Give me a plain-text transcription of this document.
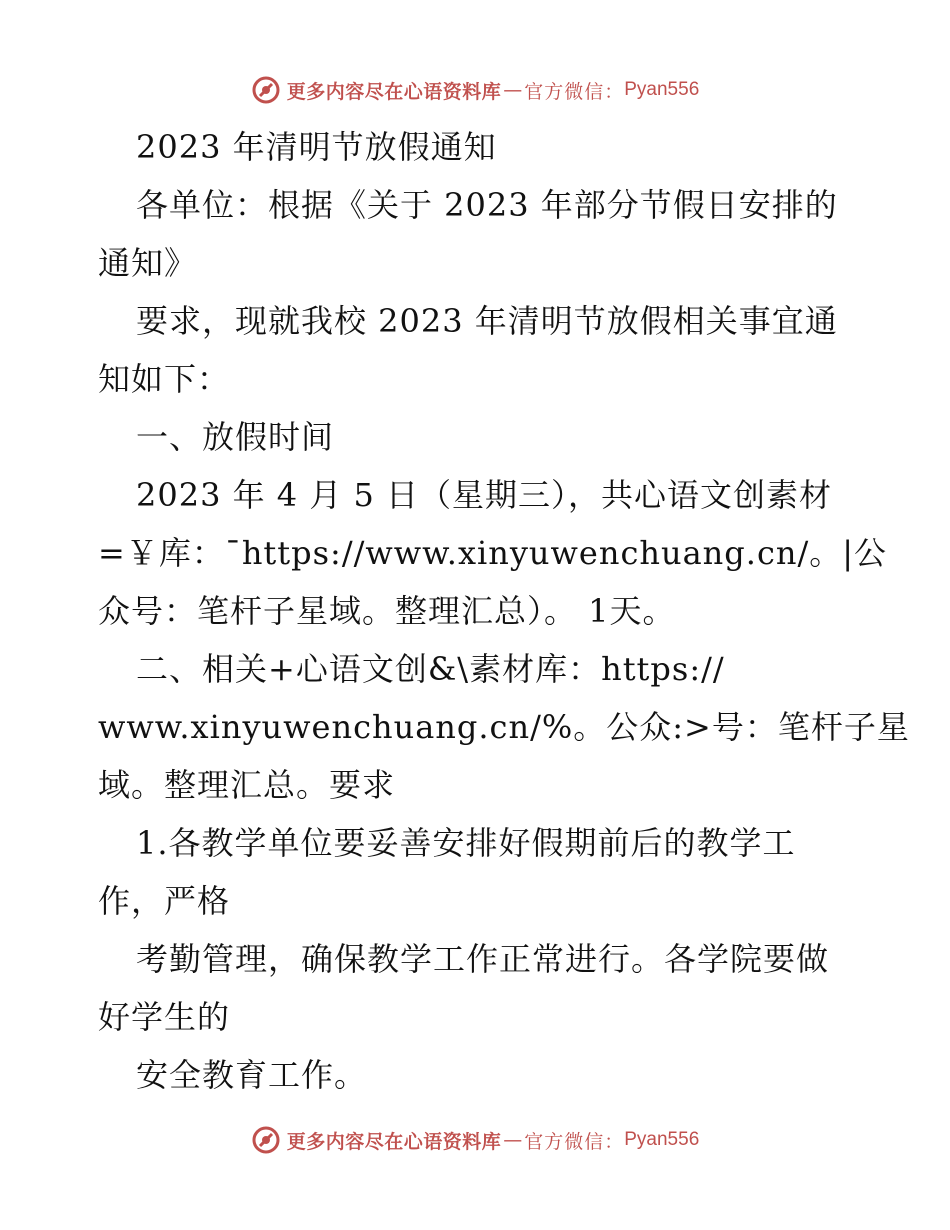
更多内容尽在心语资料库 — 官方微信： Pyan556
2023 年清明节放假通知
各单位：根据《关于 2023 年部分节假日安排的
通知》
要求，现就我校 2023 年清明节放假相关事宜通
知如下：
一、放假时间
2023 年 4 月 5 日（星期三），共心语文创素材
=￥库：¯https://www.xinyuwenchuang.cn/。|公
众号：笔杆子星域。整理汇总）。 1天。
二、相关+心语文创&\素材库：https://
www.xinyuwenchuang.cn/%。公众:>号：笔杆子星
域。整理汇总。要求
1.各教学单位要妥善安排好假期前后的教学工
作，严格
考勤管理，确保教学工作正常进行。各学院要做
好学生的
安全教育工作。
更多内容尽在心语资料库 — 官方微信： Pyan556
